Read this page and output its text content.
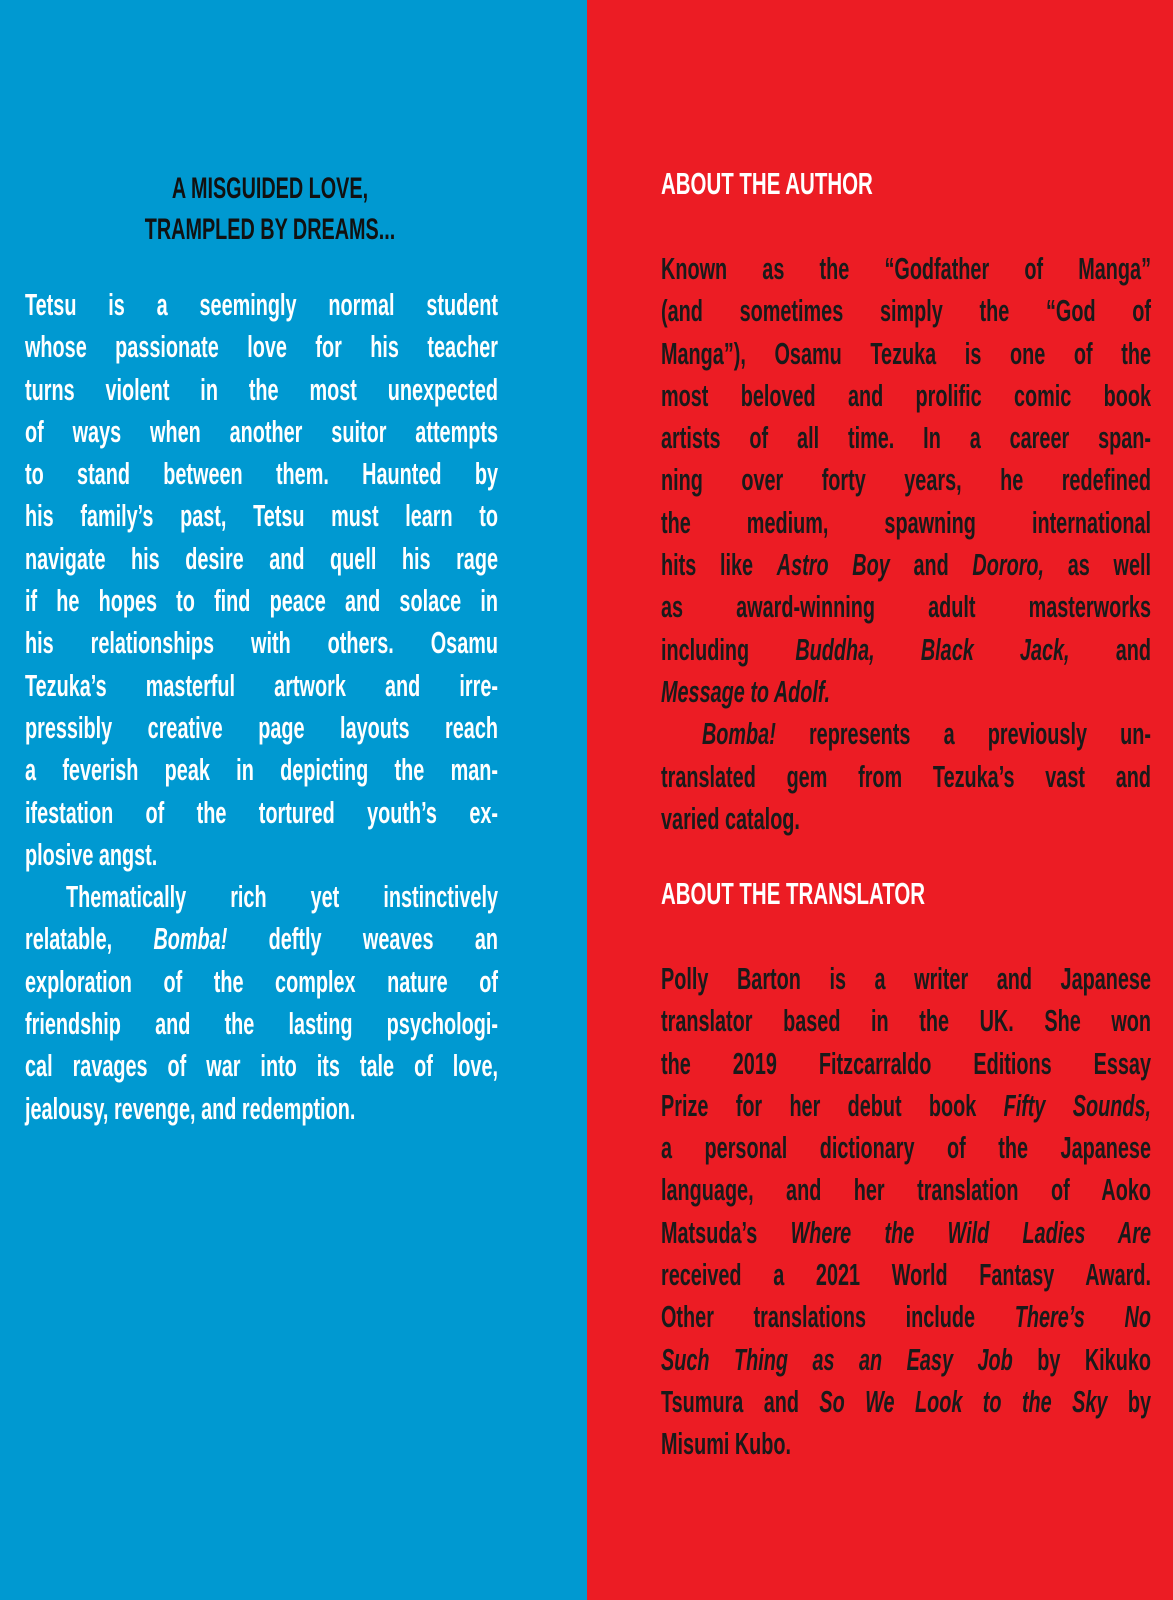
A MISGUIDED LOVE,
TRAMPLED BY DREAMS...
Tetsu is a seemingly normal student
whose passionate love for his teacher
turns violent in the most unexpected
of ways when another suitor attempts
to stand between them. Haunted by
his family’s past, Tetsu must learn to
navigate his desire and quell his rage
if he hopes to find peace and solace in
his relationships with others. Osamu
Tezuka’s masterful artwork and irre-
pressibly creative page layouts reach
a feverish peak in depicting the man-
ifestation of the tortured youth’s ex-
plosive angst.
Thematically rich yet instinctively
relatable, Bomba! deftly weaves an
exploration of the complex nature of
friendship and the lasting psychologi-
cal ravages of war into its tale of love,
jealousy, revenge, and redemption.
ABOUT THE AUTHOR
Known as the “Godfather of Manga”
(and sometimes simply the “God of
Manga”), Osamu Tezuka is one of the
most beloved and prolific comic book
artists of all time. In a career span-
ning over forty years, he redefined
the medium, spawning international
hits like Astro Boy and Dororo, as well
as award-winning adult masterworks
including Buddha, Black Jack, and
Message to Adolf.
Bomba! represents a previously un-
translated gem from Tezuka’s vast and
varied catalog.
ABOUT THE TRANSLATOR
Polly Barton is a writer and Japanese
translator based in the UK. She won
the 2019 Fitzcarraldo Editions Essay
Prize for her debut book Fifty Sounds,
a personal dictionary of the Japanese
language, and her translation of Aoko
Matsuda’s Where the Wild Ladies Are
received a 2021 World Fantasy Award.
Other translations include There’s No
Such Thing as an Easy Job by Kikuko
Tsumura and So We Look to the Sky by
Misumi Kubo.
